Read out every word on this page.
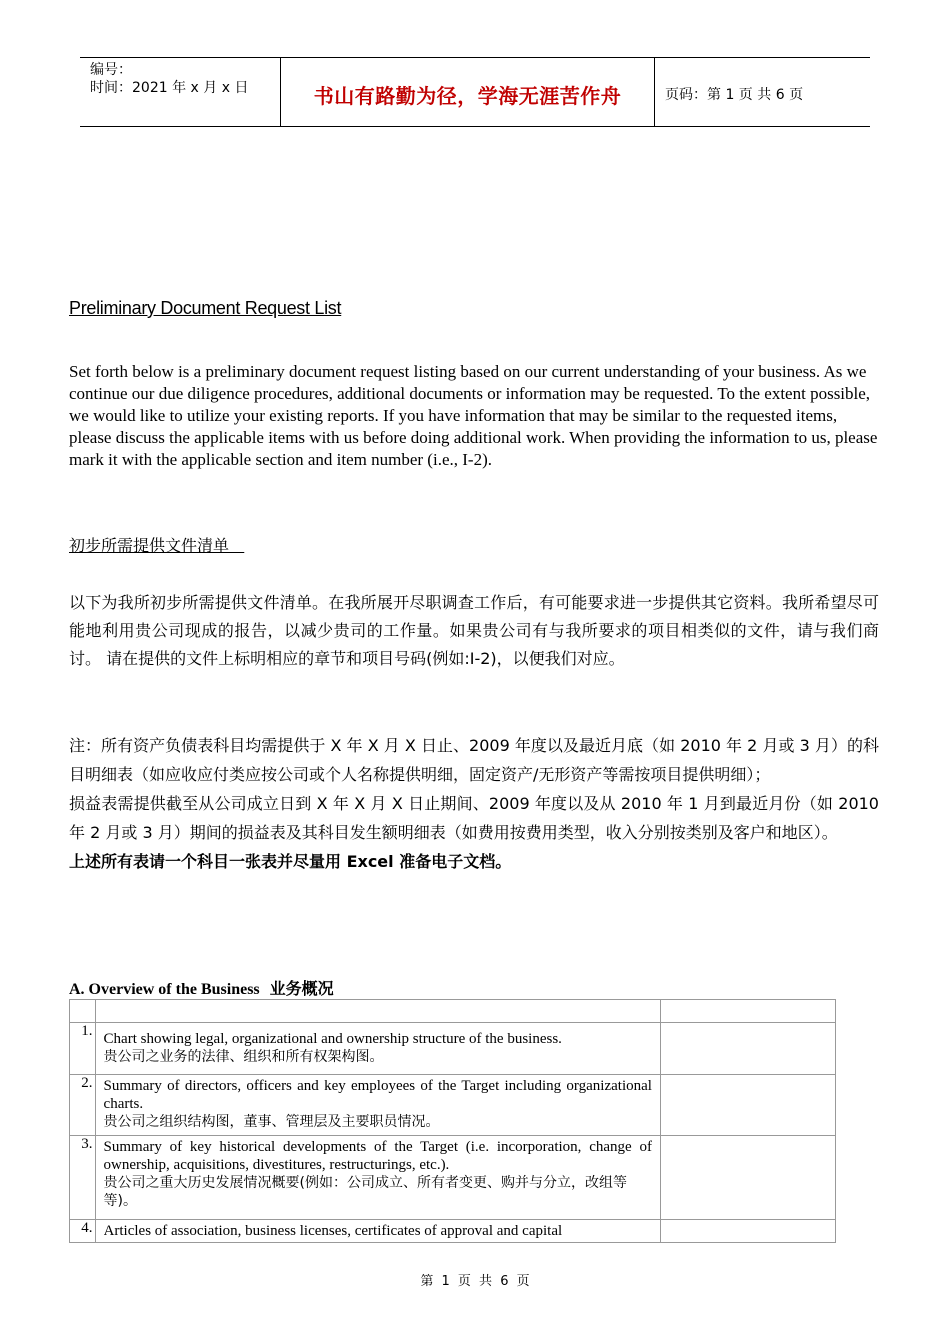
编号：
时间：2021 年 x 月 x 日	书山有路勤为径，学海无涯苦作舟	页码：第 1 页 共 6 页
Preliminary Document Request List
Set forth below is a preliminary document request listing based on our current understanding of your business. As we continue our due diligence procedures, additional documents or information may be requested. To the extent possible, we would like to utilize your existing reports. If you have information that may be similar to the requested items, please discuss the applicable items with us before doing additional work. When providing the information to us, please mark it with the applicable section and item number (i.e., I-2).
初步所需提供文件清单
以下为我所初步所需提供文件清单。在我所展开尽职调查工作后，有可能要求进一步提供其它资料。我所希望尽可能地利用贵公司现成的报告，以减少贵司的工作量。如果贵公司有与我所要求的项目相类似的文件，请与我们商讨。 请在提供的文件上标明相应的章节和项目号码(例如:I-2)，以便我们对应。
注：所有资产负债表科目均需提供于 X 年 X 月 X 日止、2009 年度以及最近月底（如 2010 年 2 月或 3 月）的科目明细表（如应收应付类应按公司或个人名称提供明细，固定资产/无形资产等需按项目提供明细）；
损益表需提供截至从公司成立日到 X 年 X 月 X 日止期间、2009 年度以及从 2010 年 1 月到最近月份（如 2010 年 2 月或 3 月）期间的损益表及其科目发生额明细表（如费用按费用类型，收入分别按类别及客户和地区）。
上述所有表请一个科目一张表并尽量用 Excel 准备电子文档。
A. Overview of the Business 业务概况

1.	Chart showing legal, organizational and ownership structure of the business.
贵公司之业务的法律、组织和所有权架构图。	

2.	Summary of directors, officers and key employees of the Target including organizational charts.
贵公司之组织结构图，董事、管理层及主要职员情况。	

3.	Summary of key historical developments of the Target (i.e. incorporation, change of ownership, acquisitions, divestitures, restructurings, etc.).
贵公司之重大历史发展情况概要(例如：公司成立、所有者变更、购并与分立，改组等等)。	

4.	Articles of association, business licenses, certificates of approval and capital	

第 1 页 共 6 页
